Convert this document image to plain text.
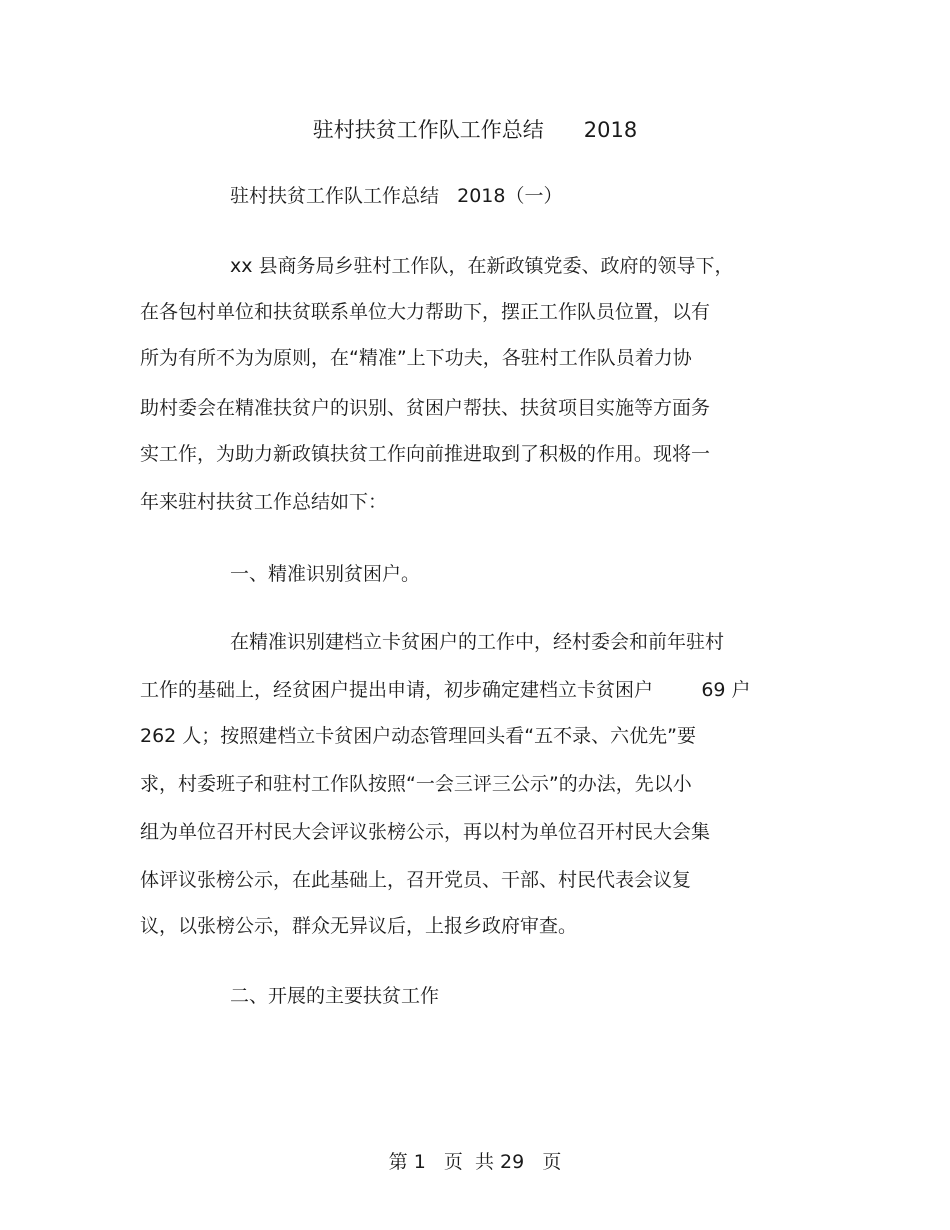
驻村扶贫工作队工作总结      2018
驻村扶贫工作队工作总结   2018（一）
xx 县商务局乡驻村工作队，在新政镇党委、政府的领导下，
在各包村单位和扶贫联系单位大力帮助下，摆正工作队员位置，以有
所为有所不为为原则，在“精准”上下功夫，各驻村工作队员着力协
助村委会在精准扶贫户的识别、贫困户帮扶、扶贫项目实施等方面务
实工作，为助力新政镇扶贫工作向前推进取到了积极的作用。现将一
年来驻村扶贫工作总结如下：
一、精准识别贫困户。
在精准识别建档立卡贫困户的工作中，经村委会和前年驻村
工作的基础上，经贫困户提出申请，初步确定建档立卡贫困户        69 户
262 人；按照建档立卡贫困户动态管理回头看“五不录、六优先”要
求，村委班子和驻村工作队按照“一会三评三公示”的办法，先以小
组为单位召开村民大会评议张榜公示，再以村为单位召开村民大会集
体评议张榜公示，在此基础上，召开党员、干部、村民代表会议复
议，以张榜公示，群众无异议后，上报乡政府审查。
二、开展的主要扶贫工作
第 1   页  共 29   页
